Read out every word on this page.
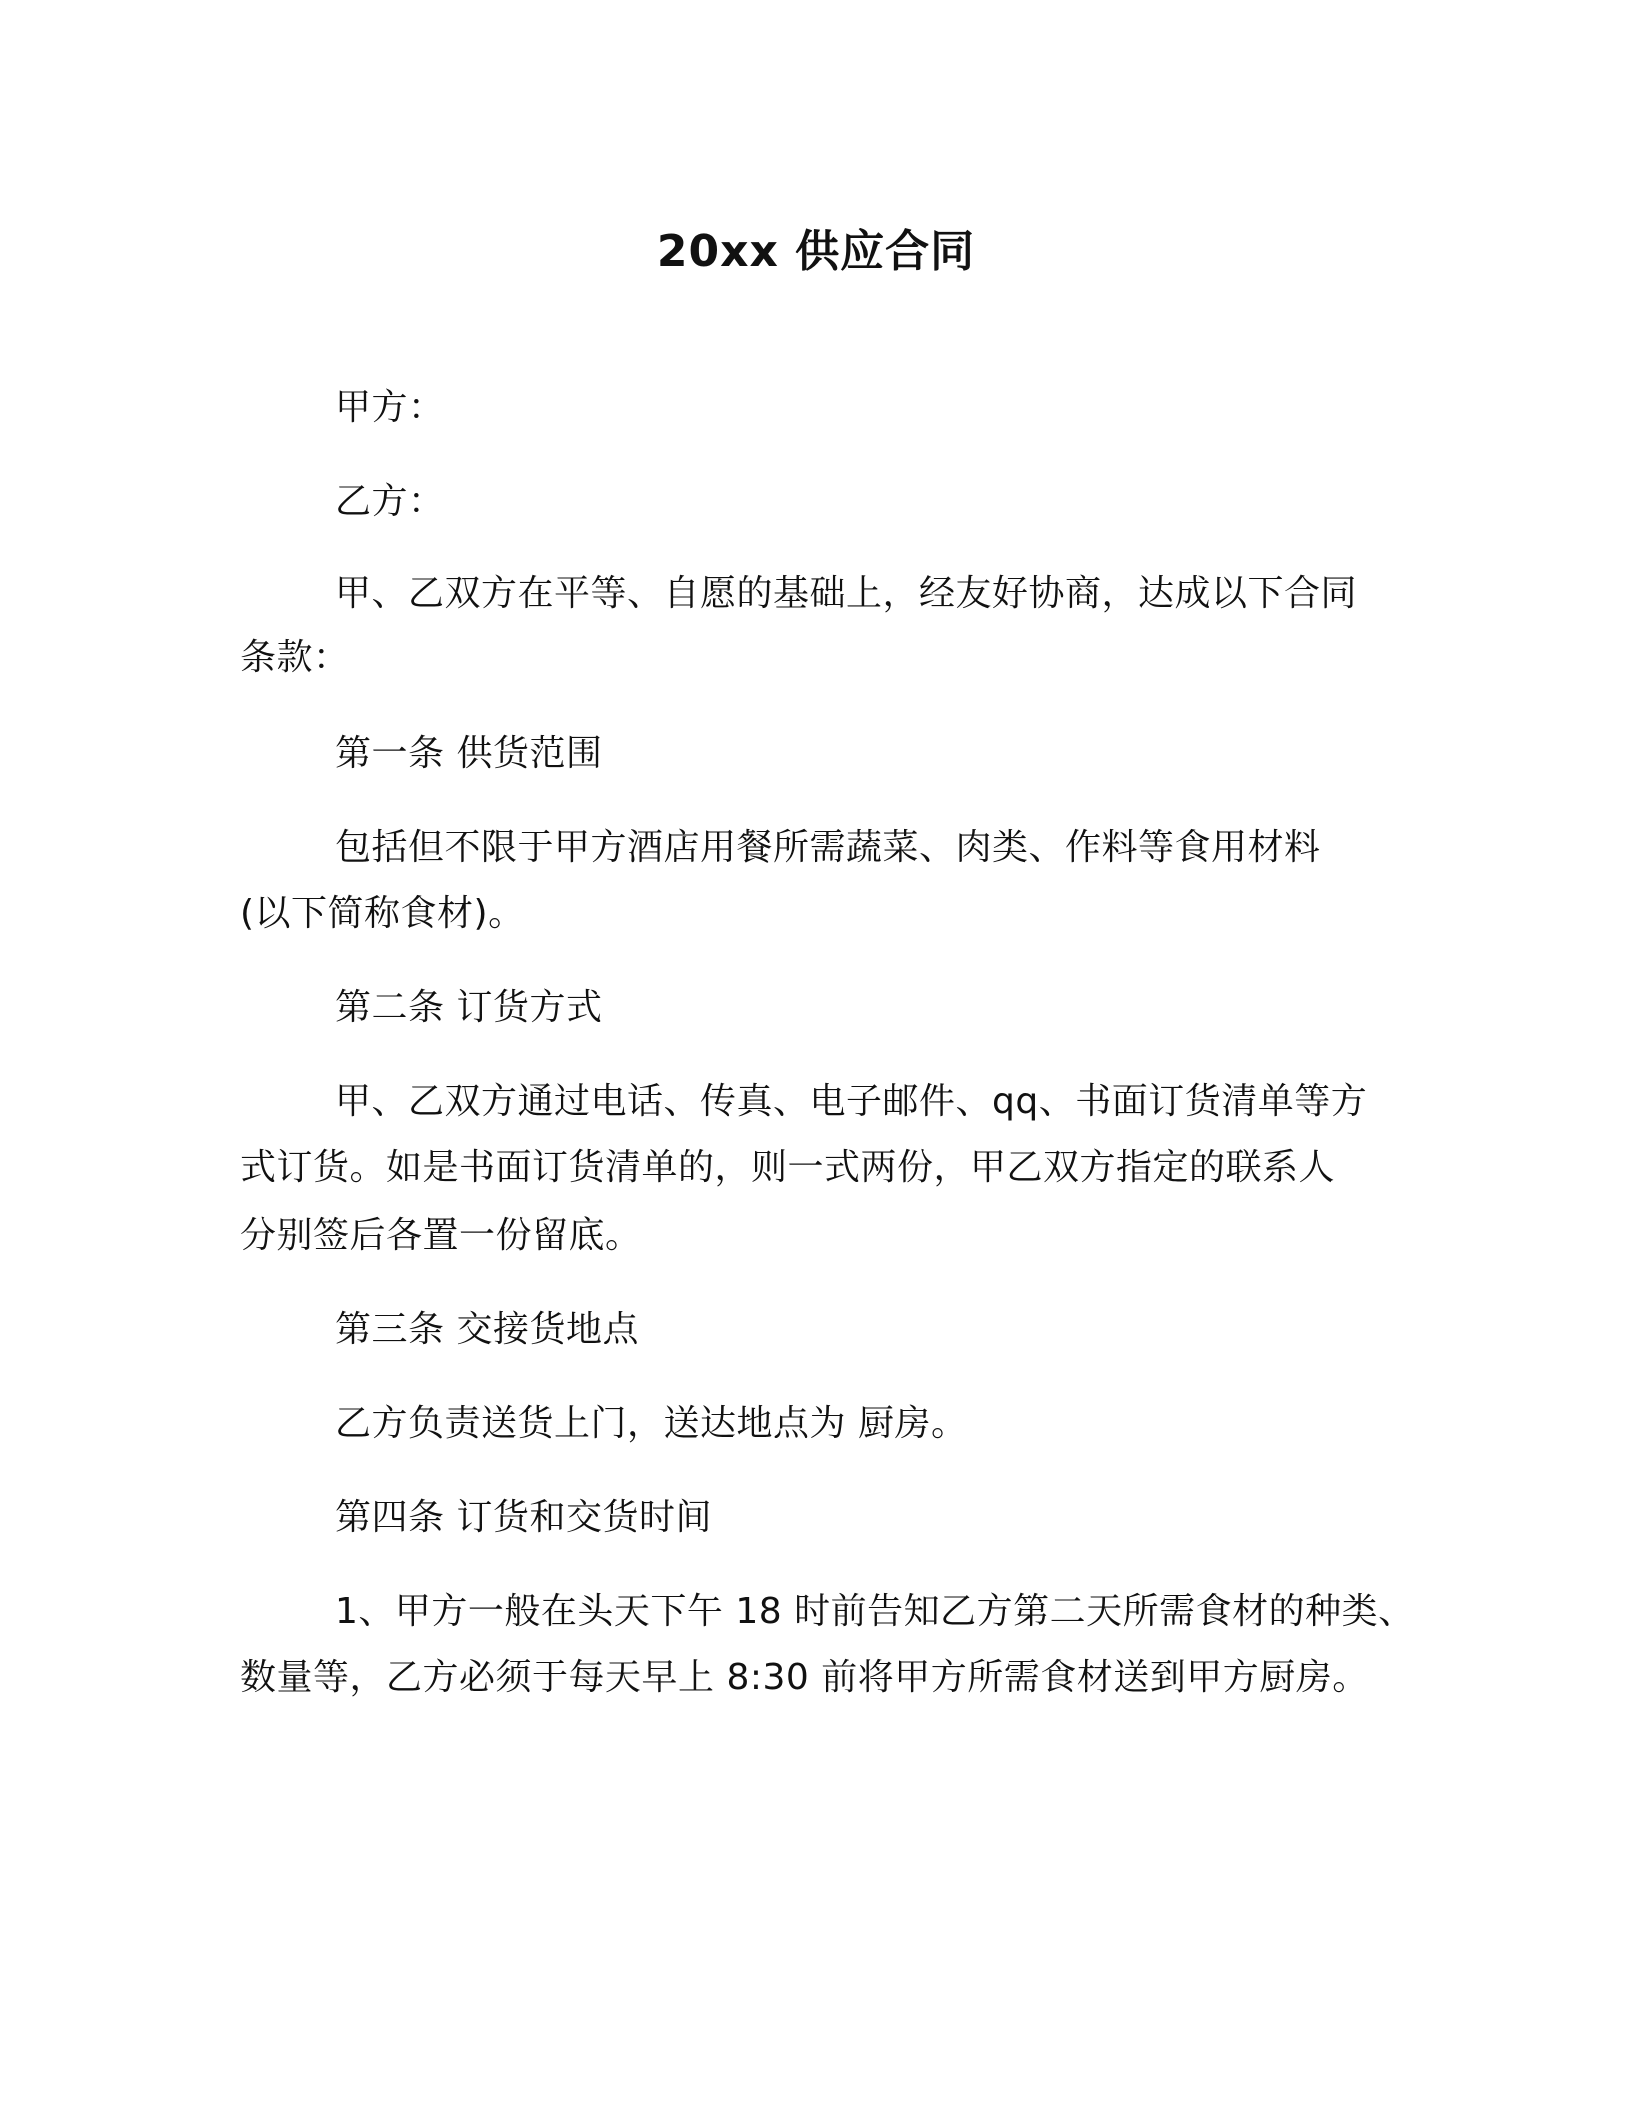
20xx 供应合同
甲方：
乙方：
甲、乙双方在平等、自愿的基础上，经友好协商，达成以下合同
条款：
第一条 供货范围
包括但不限于甲方酒店用餐所需蔬菜、肉类、作料等食用材料
(以下简称食材)。
第二条 订货方式
甲、乙双方通过电话、传真、电子邮件、qq、书面订货清单等方
式订货。如是书面订货清单的，则一式两份，甲乙双方指定的联系人
分别签后各置一份留底。
第三条 交接货地点
乙方负责送货上门，送达地点为 厨房。
第四条 订货和交货时间
1、甲方一般在头天下午 18 时前告知乙方第二天所需食材的种类、
数量等，乙方必须于每天早上 8:30 前将甲方所需食材送到甲方厨房。
